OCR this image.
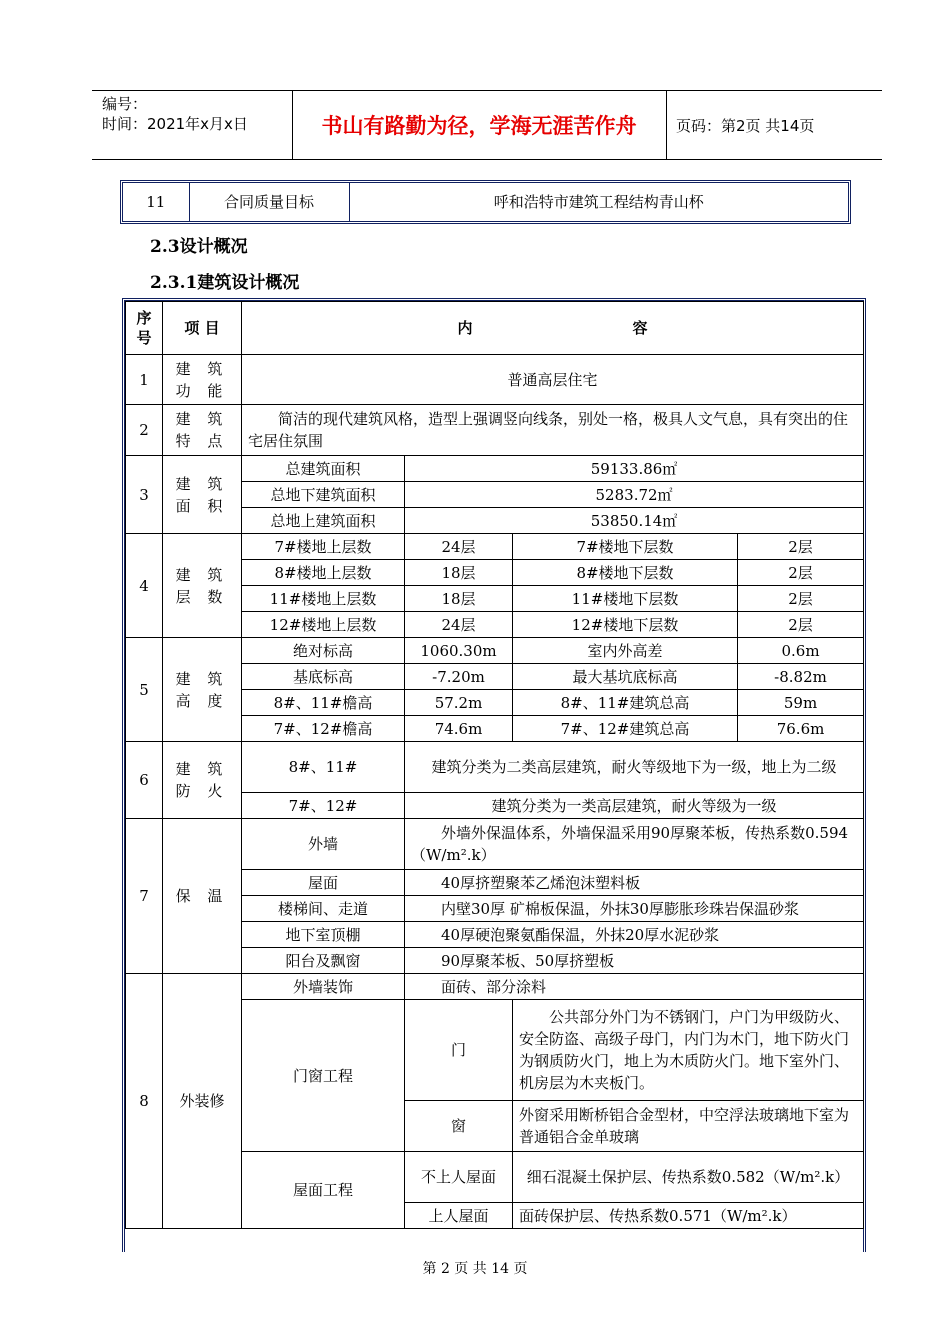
编号：
时间：2021年x月x日	书山有路勤为径，学海无涯苦作舟	页码：第2页 共14页
11	合同质量目标	呼和浩特市建筑工程结构青山杯
2.3设计概况
2.3.1建筑设计概况
序号	项 目	内 容			
1	建 筑 功 能	普通高层住宅			
2	建 筑 特 点	简洁的现代建筑风格，造型上强调竖向线条，别处一格，极具人文气息，具有突出的住宅居住氛围			
3	建 筑 面 积	总建筑面积	59133.86㎡		
		总地下建筑面积	5283.72㎡		
		总地上建筑面积	53850.14㎡		
4	建 筑 层 数	7#楼地上层数	24层	7#楼地下层数	2层
		8#楼地上层数	18层	8#楼地下层数	2层
		11#楼地上层数	18层	11#楼地下层数	2层
		12#楼地上层数	24层	12#楼地下层数	2层
5	建 筑 高 度	绝对标高	1060.30m	室内外高差	0.6m
		基底标高	-7.20m	最大基坑底标高	-8.82m
		8#、11#檐高	57.2m	8#、11#建筑总高	59m
		7#、12#檐高	74.6m	7#、12#建筑总高	76.6m
6	建 筑 防 火	8#、11#	建筑分类为二类高层建筑，耐火等级地下为一级，地上为二级		
		7#、12#	建筑分类为一类高层建筑，耐火等级为一级		
7	保 温	外墙	外墙外保温体系，外墙保温采用90厚聚苯板，传热系数0.594（W/m².k）		
		屋面	40厚挤塑聚苯乙烯泡沫塑料板		
		楼梯间、走道	内壁30厚 矿棉板保温，外抹30厚膨胀珍珠岩保温砂浆		
		地下室顶棚	40厚硬泡聚氨酯保温，外抹20厚水泥砂浆		
		阳台及飘窗	90厚聚苯板、50厚挤塑板		
8	外装修	外墙装饰	面砖、部分涂料		
		门窗工程	门	公共部分外门为不锈钢门，户门为甲级防火、安全防盗、高级子母门，内门为木门，地下防火门为钢质防火门，地上为木质防火门。地下室外门、机房层为木夹板门。	
			窗	外窗采用断桥铝合金型材，中空浮法玻璃地下室为普通铝合金单玻璃	
		屋面工程	不上人屋面	细石混凝土保护层、传热系数0.582（W/m².k）	
			上人屋面	面砖保护层、传热系数0.571（W/m².k）	
第 2 页 共 14 页
